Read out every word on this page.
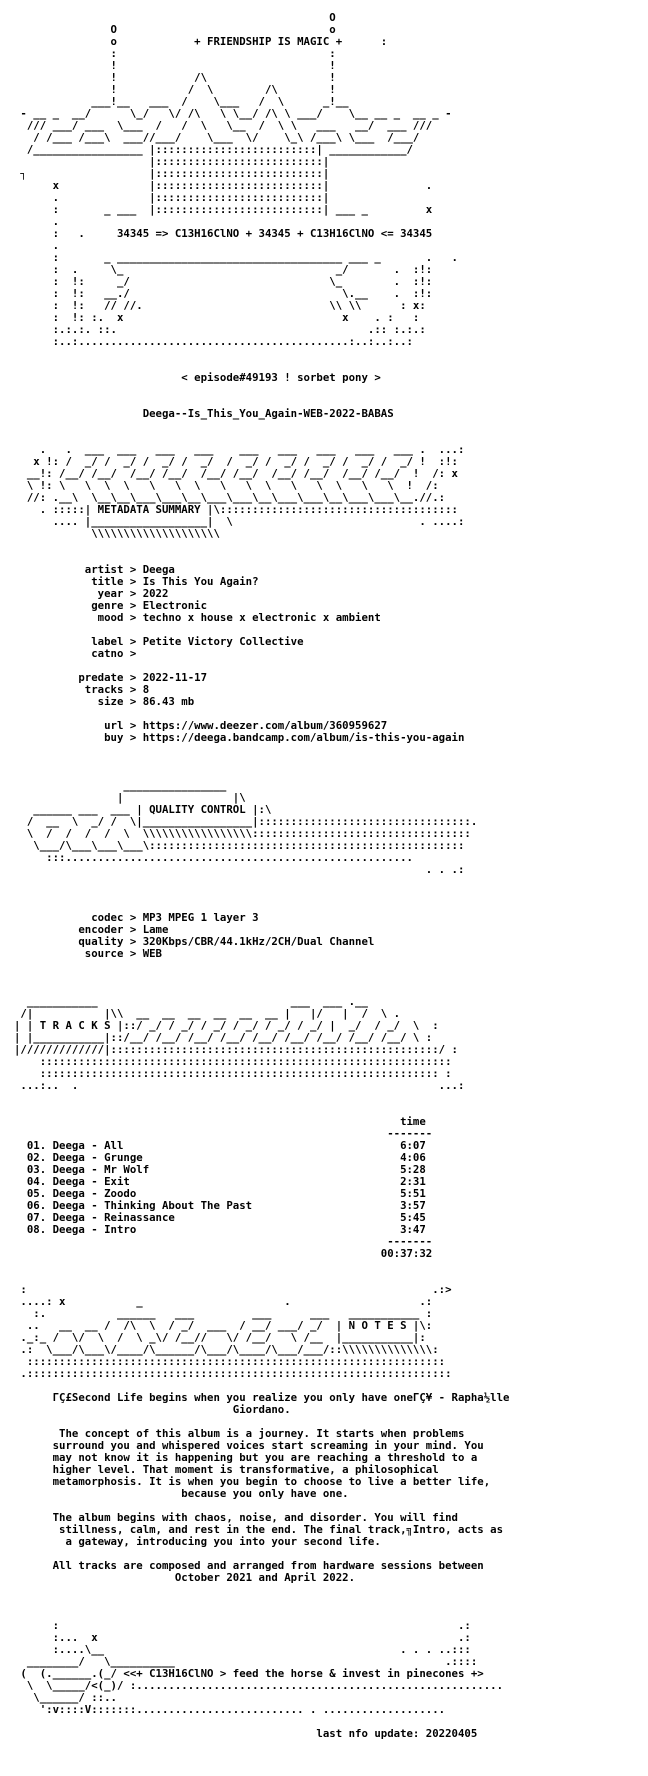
O
O                                 o
o            + FRIENDSHIP IS MAGIC +      :
:                                 :
!                                 !
!            /\                   !
!           /  \        /\        !
___!__   ___  /    \___   /  \      _!__
- __ _  __/      \_/   \/ /\   \ \__/ /\ \ ___/    \__ __ _  __ _ -
/// ___/ ___  \___  /   /  \   \__  /  \ \   ___   __/  ___ ///
/ /___ /___\  ___//___/    \___  \/    \_\ /___\ \___  /___/
/_________________ |:::::::::::::::::::::::::| ____________/
|::::::::::::::::::::::::::|
┐                   |::::::::::::::::::::::::::|
x              |::::::::::::::::::::::::::|               .
.              |::::::::::::::::::::::::::|
:       _ ___  |::::::::::::::::::::::::::| ___ _         x
.
:   .     34345 => C13H16ClNO + 34345 + C13H16ClNO <= 34345
.
:       _ ___________________________________ ___ _       .   .
:  .     \_                                 _/       .  :!:
:  !:     _/                               \_        .  :!:
:  !:   __./                                 \.__    .  :!:
:  !:   // //.                             \\ \\      : x:
:  !: :.  x                                  x    . :   :
:.:.:. ::.                                       .:: :.:.:
:..:..........................................:..:..:..:

< episode#49193 ! sorbet pony >

Deega--Is_This_You_Again-WEB-2022-BABAS

.   .  ___  ___   ___   ___    ___   ___   ___   ___   ___ .  ...:
x !: /  _/ /  _/ /  _/ /  _/  /  _/ /  _/ /  _/ /  _/ /  _/ !  :!:
__!: /__/ /__/  /__/ /__/  /__/ /__/  /__/ /__/  /__/ /__/  !  /: x
\ !: \   \  \  \   \   \  \   \   \  \   \   \  \   \   \  !  /:
//: .__\  \__\__\___\___\__\___\___\__\___\___\__\___\___\__.//.:
. :::::| METADATA SUMMARY |\:::::::::::::::::::::::::::::::::::::
.... |__________________|  \                             . ....:
\\\\\\\\\\\\\\\\\\\\

artist > Deega
title > Is This You Again?
year > 2022
genre > Electronic
mood > techno x house x electronic x ambient

label > Petite Victory Collective
catno >

predate > 2022-11-17
tracks > 8
size > 86.43 mb

url > https://www.deezer.com/album/360959627
buy > https://deega.bandcamp.com/album/is-this-you-again

________________
|                 |\
______ ___  ___ | QUALITY CONTROL |:\
/  __  \  _/ /  \|_________________|:::::::::::::::::::::::::::::::::.
\  /  /  /  /  \  \\\\\\\\\\\\\\\\\::::::::::::::::::::::::::::::::::
\___/\___\___\___\:::::::::::::::::::::::::::::::::::::::::::::::::
:::......................................................
. . .:

codec > MP3 MPEG 1 layer 3
encoder > Lame
quality > 320Kbps/CBR/44.1kHz/2CH/Dual Channel
source > WEB

___________                              ___  ___ .__
/|           |\\  __  __  __  __  __  __ |   |/   |  /  \ .
| | T R A C K S |::/ _/ / _/ / _/ / _/ / _/ / _/ |  _/  / _/  \  :
| |___________|::/__/ /__/ /__/ /__/ /__/ /__/ /__/ /__/ /__/ \ :
|/////////////|:::::::::::::::::::::::::::::::::::::::::::::::::::/ :
::::::::::::::::::::::::::::::::::::::::::::::::::::::::::::::::
:::::::::::::::::::::::::::::::::::::::::::::::::::::::::::::: :
...:..  .                                                        ...:

time
-------
01. Deega - All                                           6:07
02. Deega - Grunge                                        4:06
03. Deega - Mr Wolf                                       5:28
04. Deega - Exit                                          2:31
05. Deega - Zoodo                                         5:51
06. Deega - Thinking About The Past                       3:57
07. Deega - Reinassance                                   5:45
08. Deega - Intro                                         3:47
-------
00:37:32

:                                                               .:>
....: x           _                      .                    .:
:.           ______   ___         ___      ___   ___________ :
..   __  __ /  /\  \  / _/  ___  / __/ ___/ _/  | N O T E S |\:
._:_ /  \/  \  /  \ _\/ /__//   \/ /__/   \ /__  |___________|:
.:  \___/\___\/____/\______/\___/\____/\___/___/::\\\\\\\\\\\\\\:
:::::::::::::::::::::::::::::::::::::::::::::::::::::::::::::::::
.::::::::::::::::::::::::::::::::::::::::::::::::::::::::::::::::::

ΓÇ£Second Life begins when you realize you only have oneΓÇ¥ - Rapha½lle
Giordano.

The concept of this album is a journey. It starts when problems
surround you and whispered voices start screaming in your mind. You
may not know it is happening but you are reaching a threshold to a
higher level. That moment is transformative, a philosophical
metamorphosis. It is when you begin to choose to live a better life,
because you only have one.

The album begins with chaos, noise, and disorder. You will find
stillness, calm, and rest in the end. The final track,╗Intro, acts as
a gateway, introducing you into your second life.

All tracks are composed and arranged from hardware sessions between
October 2021 and April 2022.

:                                                              .:
:...  x                                                        .:
:....\__                                              . . . ..:::
________/   \__________                                          .::::
(  (.______.(_/ <<+ C13H16ClNO > feed the horse & invest in pinecones +>
\  \_____/<(_)/ :.........................................................
\______/ ::..
':v::::V:::::::.......................... . ...................

last nfo update: 20220405
